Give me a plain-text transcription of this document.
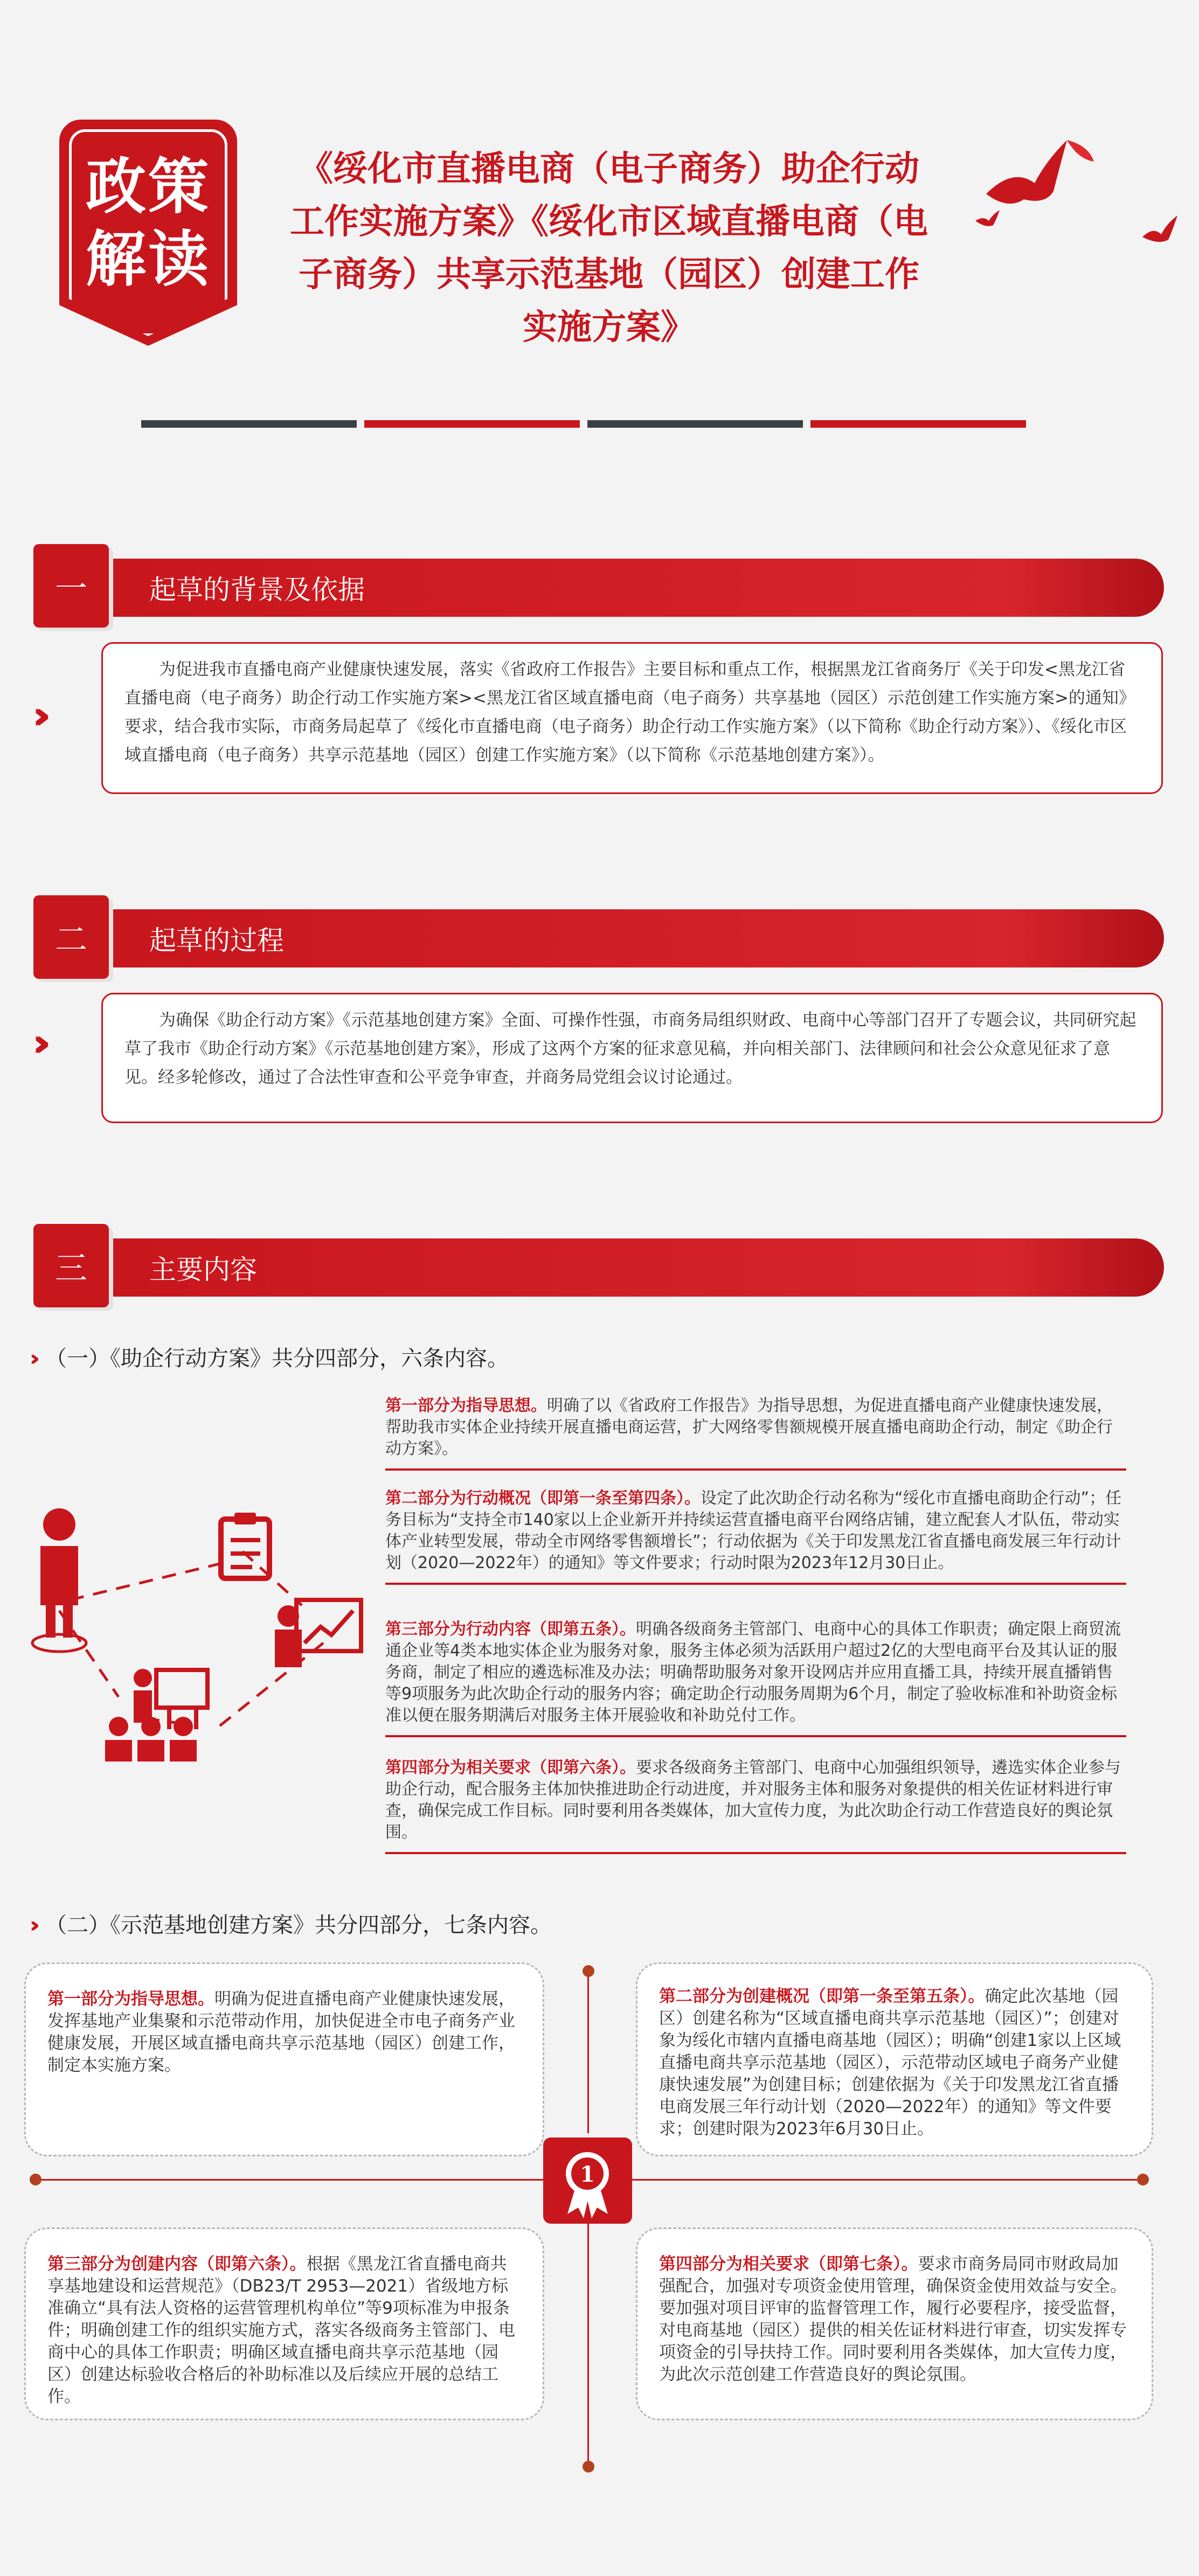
政策
解读
《绥化市直播电商（电子商务）助企行动工作实施方案》《绥化市区域直播电商（电子商务）共享示范基地（园区）创建工作实施方案》
起草的背景及依据
一
›››
为促进我市直播电商产业健康快速发展，落实《省政府工作报告》主要目标和重点工作，根据黑龙江省商务厅《关于印发<黑龙江省直播电商（电子商务）助企行动工作实施方案><黑龙江省区域直播电商（电子商务）共享基地（园区）示范创建工作实施方案>的通知》要求，结合我市实际，市商务局起草了《绥化市直播电商（电子商务）助企行动工作实施方案》（以下简称《助企行动方案》）、《绥化市区域直播电商（电子商务）共享示范基地（园区）创建工作实施方案》（以下简称《示范基地创建方案》）。
起草的过程
二
›››
为确保《助企行动方案》《示范基地创建方案》全面、可操作性强，市商务局组织财政、电商中心等部门召开了专题会议，共同研究起草了我市《助企行动方案》《示范基地创建方案》，形成了这两个方案的征求意见稿，并向相关部门、法律顾问和社会公众意见征求了意见。经多轮修改，通过了合法性审查和公平竞争审查，并商务局党组会议讨论通过。
主要内容
三
›› （一）《助企行动方案》共分四部分，六条内容。
第一部分为指导思想。明确了以《省政府工作报告》为指导思想，为促进直播电商产业健康快速发展，帮助我市实体企业持续开展直播电商运营，扩大网络零售额规模开展直播电商助企行动，制定《助企行动方案》。
第二部分为行动概况（即第一条至第四条）。设定了此次助企行动名称为“绥化市直播电商助企行动”；任务目标为“支持全市140家以上企业新开并持续运营直播电商平台网络店铺，建立配套人才队伍，带动实体产业转型发展，带动全市网络零售额增长”；行动依据为《关于印发黑龙江省直播电商发展三年行动计划（2020—2022年）的通知》等文件要求；行动时限为2023年12月30日止。
第三部分为行动内容（即第五条）。明确各级商务主管部门、电商中心的具体工作职责；确定限上商贸流通企业等4类本地实体企业为服务对象，服务主体必须为活跃用户超过2亿的大型电商平台及其认证的服务商，制定了相应的遴选标准及办法；明确帮助服务对象开设网店并应用直播工具，持续开展直播销售等9项服务为此次助企行动的服务内容；确定助企行动服务周期为6个月，制定了验收标准和补助资金标准以便在服务期满后对服务主体开展验收和补助兑付工作。
第四部分为相关要求（即第六条）。要求各级商务主管部门、电商中心加强组织领导，遴选实体企业参与助企行动，配合服务主体加快推进助企行动进度，并对服务主体和服务对象提供的相关佐证材料进行审查，确保完成工作目标。同时要利用各类媒体，加大宣传力度，为此次助企行动工作营造良好的舆论氛围。
›› （二）《示范基地创建方案》共分四部分，七条内容。
1
第一部分为指导思想。明确为促进直播电商产业健康快速发展，发挥基地产业集聚和示范带动作用，加快促进全市电子商务产业健康发展，开展区域直播电商共享示范基地（园区）创建工作，制定本实施方案。
第二部分为创建概况（即第一条至第五条）。确定此次基地（园区）创建名称为“区域直播电商共享示范基地（园区）”；创建对象为绥化市辖内直播电商基地（园区）；明确“创建1家以上区域直播电商共享示范基地（园区），示范带动区域电子商务产业健康快速发展”为创建目标；创建依据为《关于印发黑龙江省直播电商发展三年行动计划（2020—2022年）的通知》等文件要求；创建时限为2023年6月30日止。
第三部分为创建内容（即第六条）。根据《黑龙江省直播电商共享基地建设和运营规范》（DB23/T 2953—2021）省级地方标准确立“具有法人资格的运营管理机构单位”等9项标准为申报条件；明确创建工作的组织实施方式，落实各级商务主管部门、电商中心的具体工作职责；明确区域直播电商共享示范基地（园区）创建达标验收合格后的补助标准以及后续应开展的总结工作。
第四部分为相关要求（即第七条）。要求市商务局同市财政局加强配合，加强对专项资金使用管理，确保资金使用效益与安全。要加强对项目评审的监督管理工作，履行必要程序，接受监督，对电商基地（园区）提供的相关佐证材料进行审查，切实发挥专项资金的引导扶持工作。同时要利用各类媒体，加大宣传力度，为此次示范创建工作营造良好的舆论氛围。
